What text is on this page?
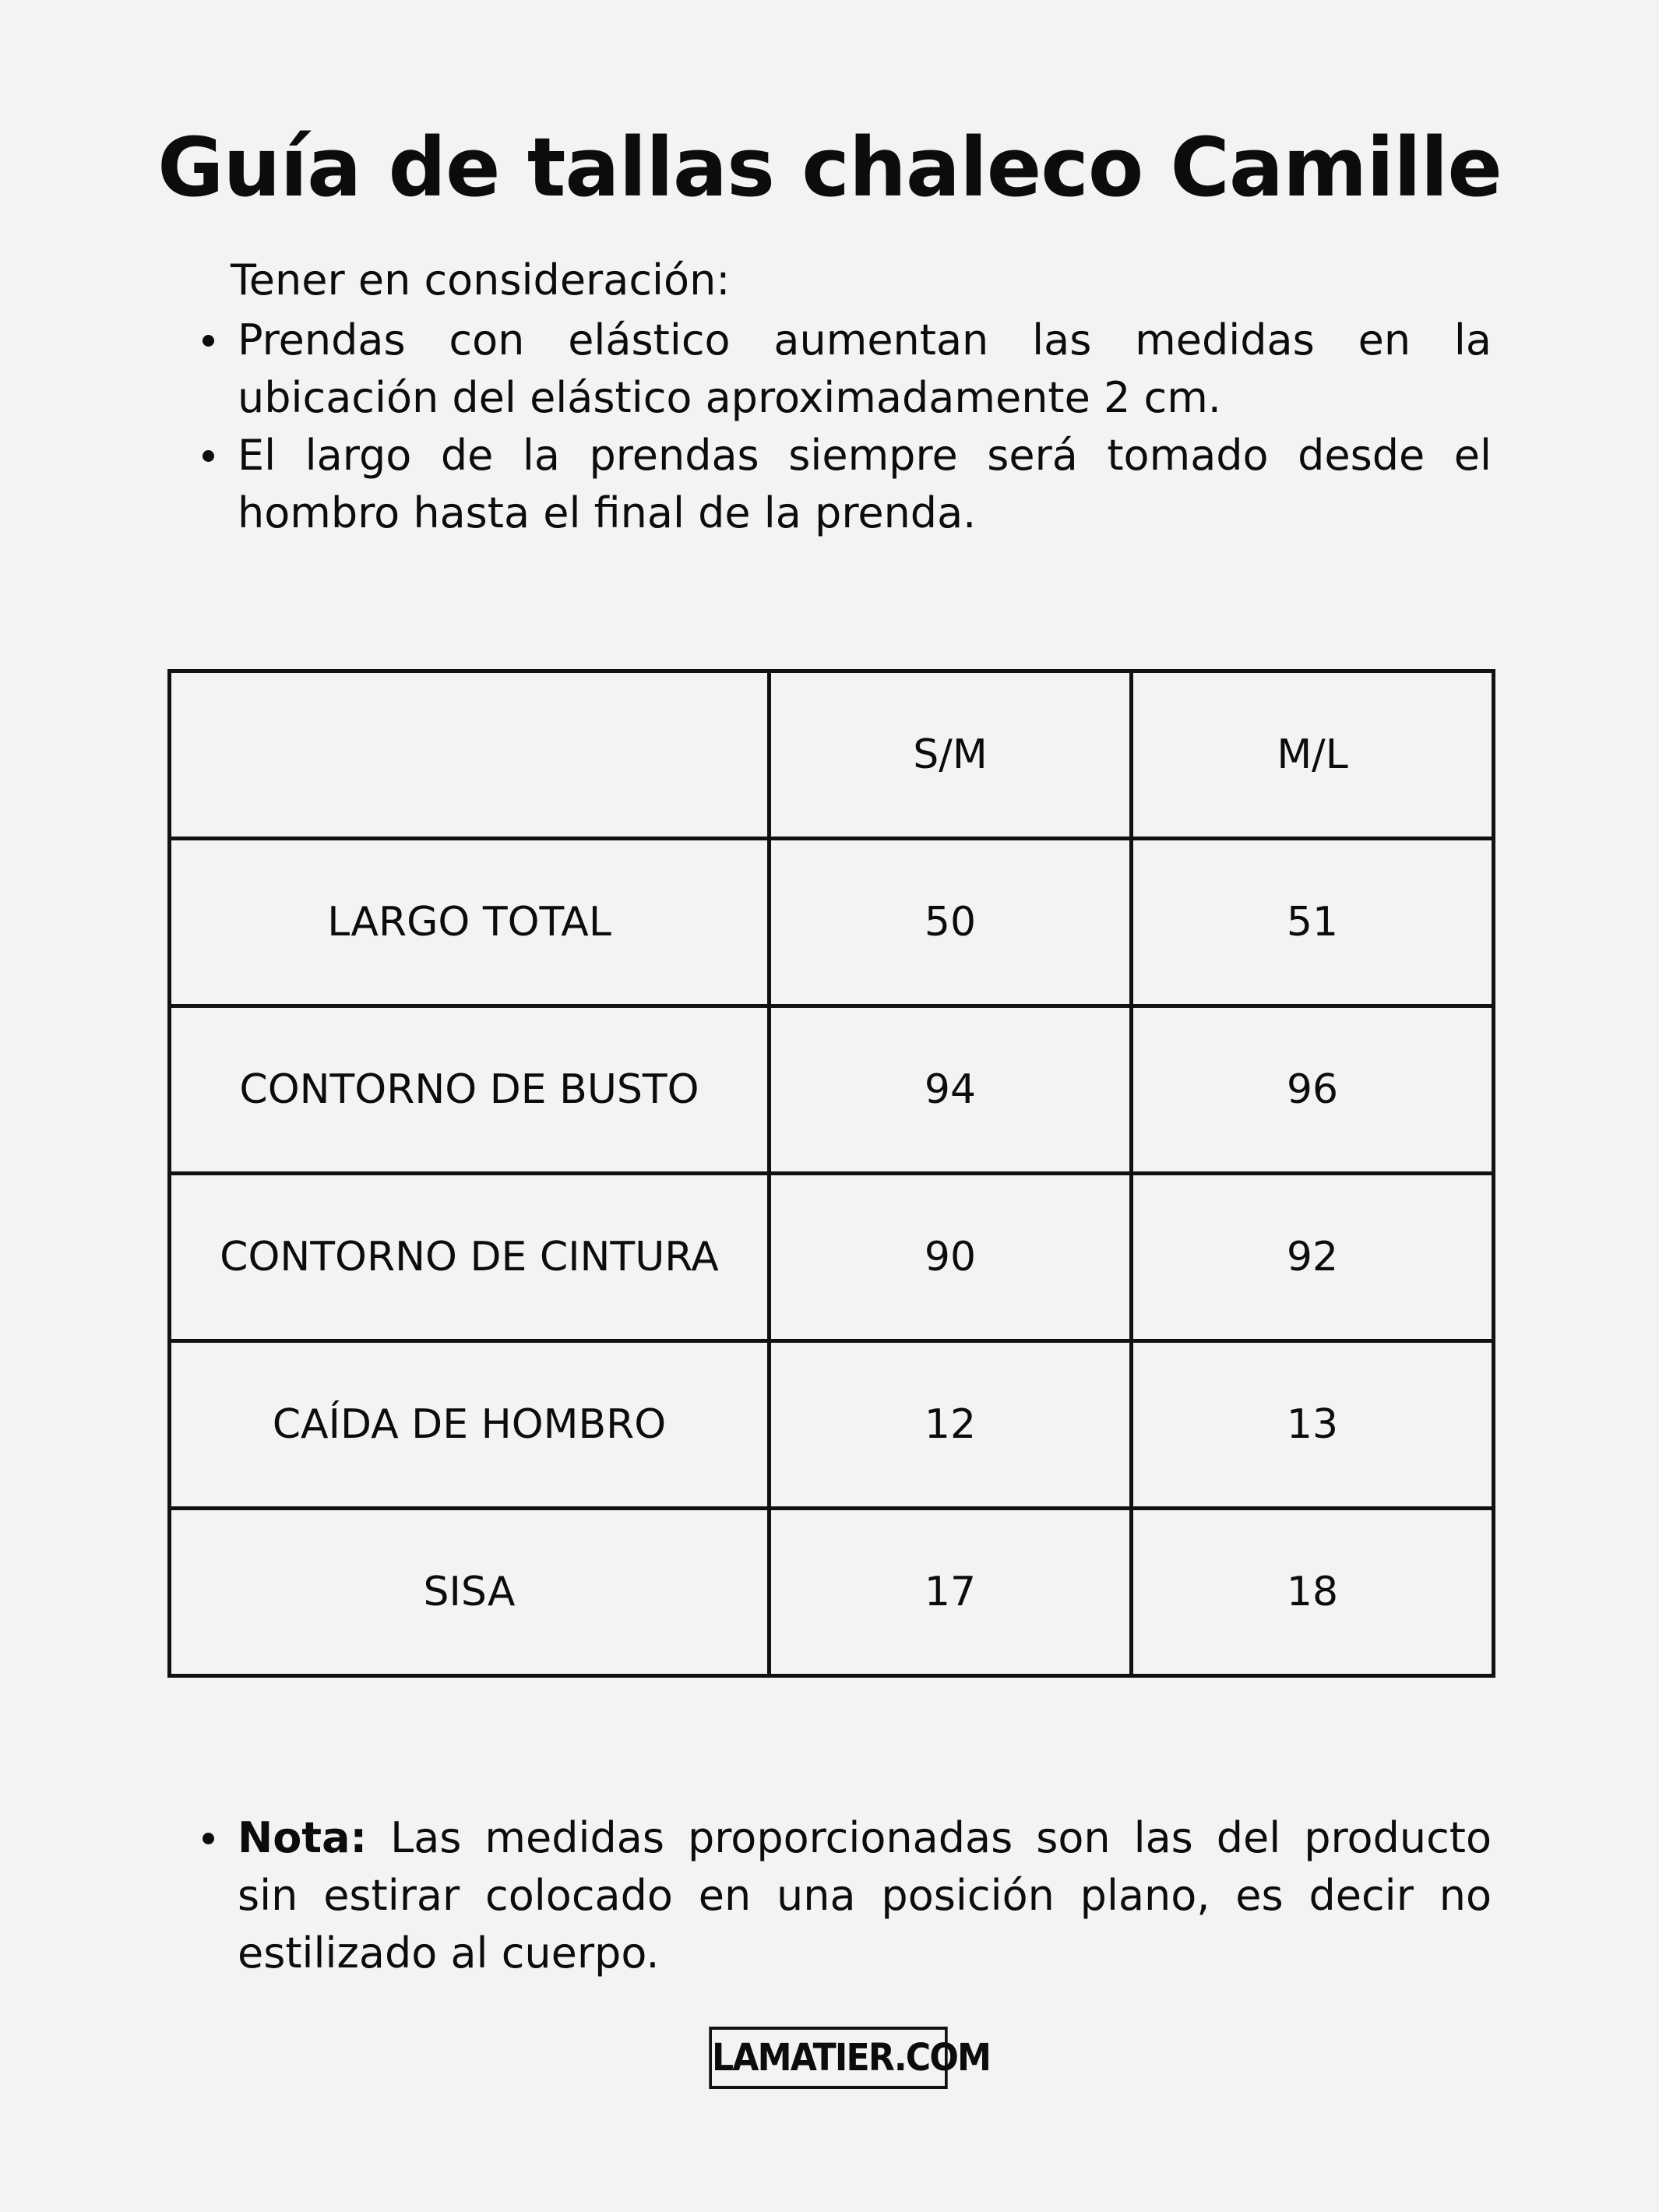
Guía de tallas chaleco Camille

Tener en consideración:

Prendas con elástico aumentan las medidas en la ubicación del elástico aproximadamente 2 cm.
El largo de la prendas siempre será tomado desde el hombro hasta el final de la prenda.
	S/M	M/L
LARGO TOTAL	50	51
CONTORNO DE BUSTO	94	96
CONTORNO DE CINTURA	90	92
CAÍDA DE HOMBRO	12	13
SISA	17	18
Nota: Las medidas proporcionadas son las del producto sin estirar colocado en una posición plano, es decir no estilizado al cuerpo.
LAMATIER.COM
